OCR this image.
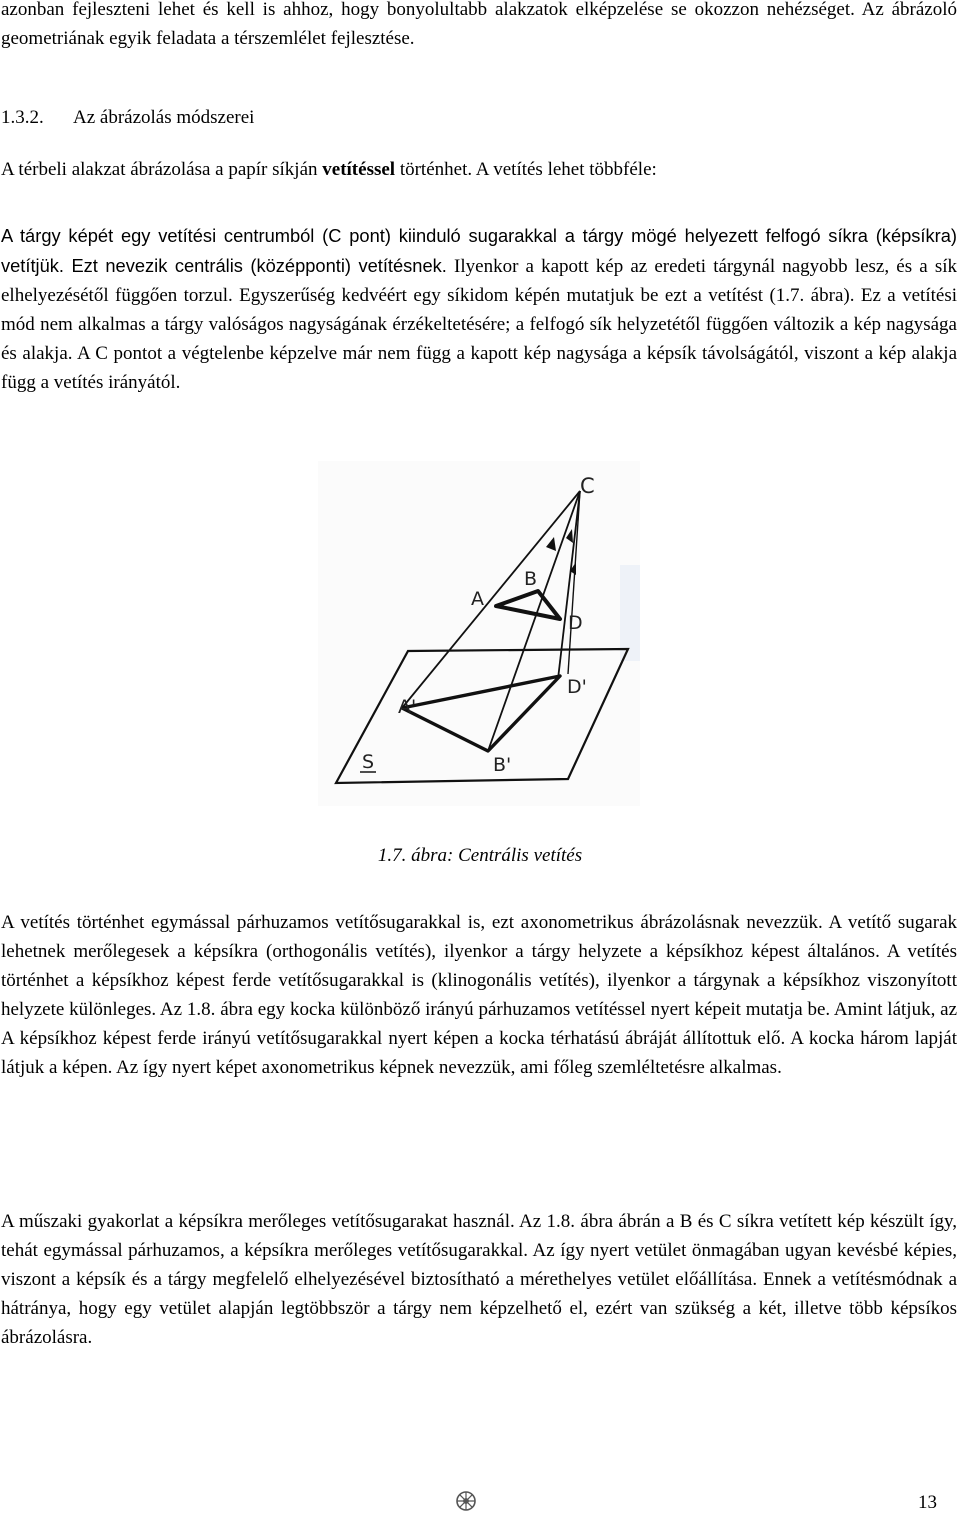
azonban fejleszteni lehet és kell is ahhoz, hogy bonyolultabb alakzatok elképzelése se okozzon nehézséget. Az ábrázoló geometriának egyik feladata a térszemlélet fejlesztése.

1.3.2. Az ábrázolás módszerei

A térbeli alakzat ábrázolása a papír síkján vetítéssel történhet. A vetítés lehet többféle:

A tárgy képét egy vetítési centrumból (C pont) kiinduló sugarakkal a tárgy mögé helyezett felfogó síkra (képsíkra) vetítjük. Ezt nevezik centrális (középponti) vetítésnek. Ilyenkor a kapott kép az eredeti tárgynál nagyobb lesz, és a sík elhelyezésétől függően torzul. Egyszerűség kedvéért egy síkidom képén mutatjuk be ezt a vetítést (1.7. ábra). Ez a vetítési mód nem alkalmas a tárgy valóságos nagyságának érzékeltetésére; a felfogó sík helyzetétől függően változik a kép nagysága és alakja. A C pontot a végtelenbe képzelve már nem függ a kapott kép nagysága a képsík távolságától, viszont a kép alakja függ a vetítés irányától.

C
A
B
D
A'
B'
D'
S

1.7. ábra: Centrális vetítés

A vetítés történhet egymással párhuzamos vetítősugarakkal is, ezt axonometrikus ábrázolásnak nevezzük. A vetítő sugarak lehetnek merőlegesek a képsíkra (orthogonális vetítés), ilyenkor a tárgy helyzete a képsíkhoz képest általános. A vetítés történhet a képsíkhoz képest ferde vetítősugarakkal is (klinogonális vetítés), ilyenkor a tárgynak a képsíkhoz viszonyított helyzete különleges. Az 1.8. ábra egy kocka különböző irányú párhuzamos vetítéssel nyert képeit mutatja be. Amint látjuk, az A képsíkhoz képest ferde irányú vetítősugarakkal nyert képen a kocka térhatású ábráját állítottuk elő. A kocka három lapját látjuk a képen. Az így nyert képet axonometrikus képnek nevezzük, ami főleg szemléltetésre alkalmas.

A műszaki gyakorlat a képsíkra merőleges vetítősugarakat használ. Az 1.8. ábra ábrán a B és C síkra vetített kép készült így, tehát egymással párhuzamos, a képsíkra merőleges vetítősugarakkal. Az így nyert vetület önmagában ugyan kevésbé képies, viszont a képsík és a tárgy megfelelő elhelyezésével biztosítható a mérethelyes vetület előállítása. Ennek a vetítésmódnak a hátránya, hogy egy vetület alapján legtöbbször a tárgy nem képzelhető el, ezért van szükség a két, illetve több képsíkos ábrázolásra.

13
